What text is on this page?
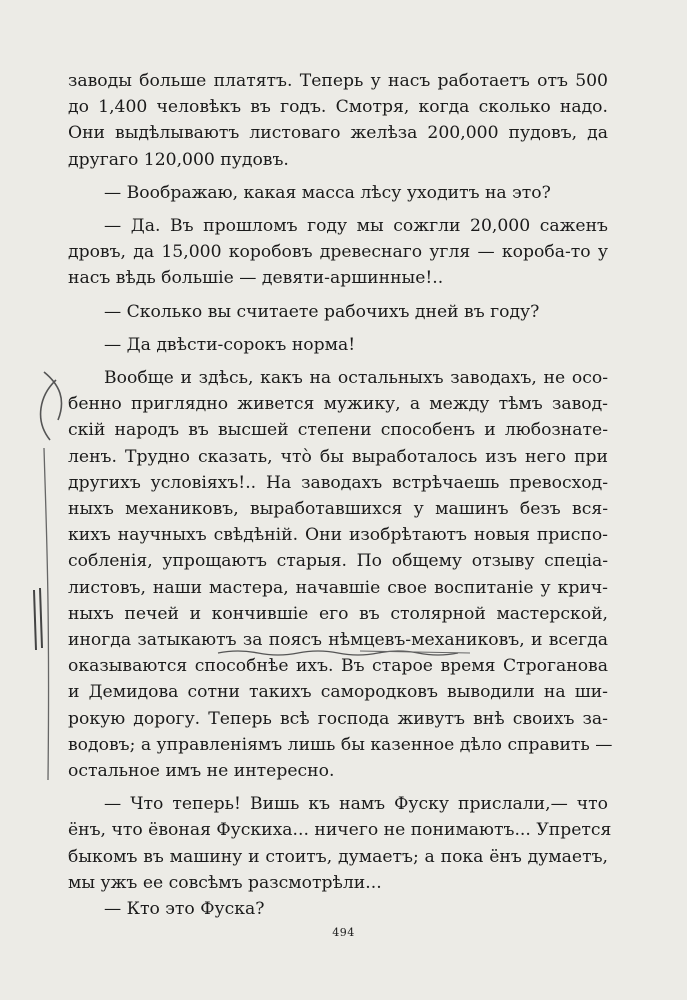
заводы больше платятъ. Теперь у насъ работаетъ отъ 500
до 1,400 человѣкъ въ годъ. Смотря, когда сколько надо.
Они выдѣлываютъ листоваго желѣза 200,000 пудовъ, да
другаго 120,000 пудовъ.

— Воображаю, какая масса лѣсу уходитъ на это?

— Да. Въ прошломъ году мы сожгли 20,000 саженъ
дровъ, да 15,000 коробовъ древеснаго угля — короба-то у
насъ вѣдь большіе — девяти-аршинные!..

— Сколько вы считаете рабочихъ дней въ году?

— Да двѣсти-сорокъ норма!

Вообще и здѣсь, какъ на остальныхъ заводахъ, не осо-
бенно приглядно живется мужику, а между тѣмъ завод-
скій народъ въ высшей степени способенъ и любознате-
ленъ. Трудно сказать, чтò бы выработалось изъ него при
другихъ условіяхъ!.. На заводахъ встрѣчаешь превосход-
ныхъ механиковъ, выработавшихся у машинъ безъ вся-
кихъ научныхъ свѣдѣній. Они изобрѣтаютъ новыя приспо-
собленія, упрощаютъ старыя. По общему отзыву спеціа-
листовъ, наши мастера, начавшіе свое воспитаніе у крич-
ныхъ печей и кончившіе его въ столярной мастерской,
иногда затыкаютъ за поясъ нѣмцевъ-механиковъ, и всегда
оказываются способнѣе ихъ. Въ старое время Строганова
и Демидова сотни такихъ самородковъ выводили на ши-
рокую дорогу. Теперь всѣ господа живутъ внѣ своихъ за-
водовъ; а управленіямъ лишь бы казенное дѣло справить —
остальное имъ не интересно.

— Что теперь! Вишь къ намъ Фуску прислали,— что
ёнъ, что ёвоная Фускиха... ничего не понимаютъ... Упрется
быкомъ въ машину и стоитъ, думаетъ; а пока ёнъ думаетъ,
мы ужъ ее совсѣмъ разсмотрѣли...

— Кто это Фуска?

494
